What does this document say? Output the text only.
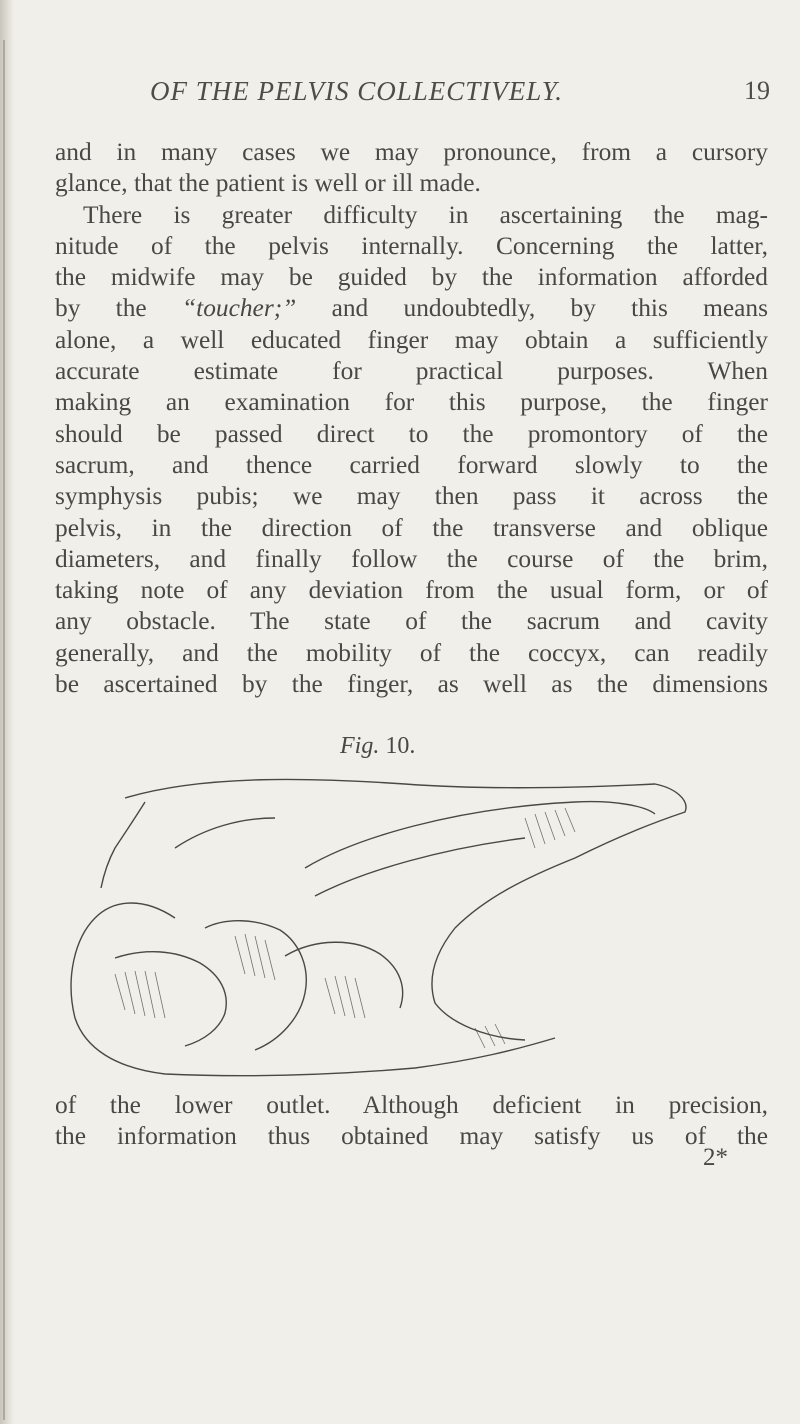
OF THE PELVIS COLLECTIVELY.	19
and in many cases we may pronounce, from a cursory
glance, that the patient is well or ill made.
There is greater difficulty in ascertaining the mag-
nitude of the pelvis internally. Concerning the latter,
the midwife may be guided by the information afforded
by the “toucher;” and undoubtedly, by this means
alone, a well educated finger may obtain a sufficiently
accurate estimate for practical purposes. When
making an examination for this purpose, the finger
should be passed direct to the promontory of the
sacrum, and thence carried forward slowly to the
symphysis pubis; we may then pass it across the
pelvis, in the direction of the transverse and oblique
diameters, and finally follow the course of the brim,
taking note of any deviation from the usual form, or of
any obstacle. The state of the sacrum and cavity
generally, and the mobility of the coccyx, can readily
be ascertained by the finger, as well as the dimensions
Fig. 10.
of the lower outlet. Although deficient in precision,
the information thus obtained may satisfy us of the
2*
